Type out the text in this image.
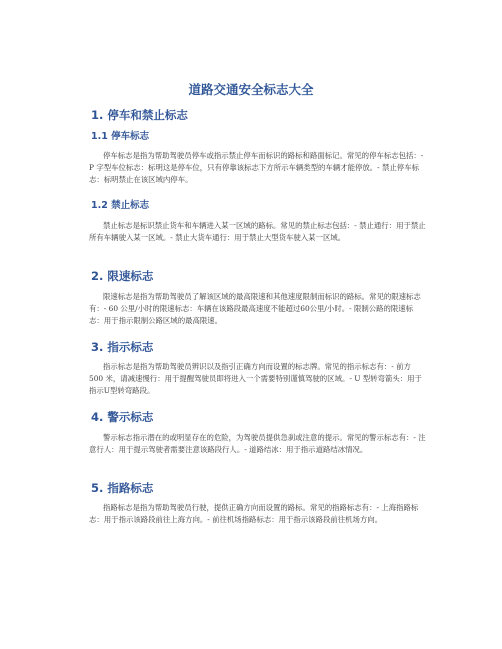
道路交通安全标志大全
1. 停车和禁止标志
1.1 停车标志

停车标志是指为帮助驾驶员停车或指示禁止停车而标识的路标和路面标记。常见的停车标志包括：- P 字型车位标志：标明这是停车位，只有停靠该标志下方所示车辆类型的车辆才能停放。- 禁止停车标志：标明禁止在该区域内停车。

1.2 禁止标志

禁止标志是标识禁止货车和车辆进入某一区域的路标。常见的禁止标志包括：- 禁止通行：用于禁止所有车辆驶入某一区域。- 禁止大货车通行：用于禁止大型货车驶入某一区域。

2. 限速标志

限速标志是指为帮助驾驶员了解该区域的最高限速和其他速度限制而标识的路标。常见的限速标志有：- 60 公里/小时的限速标志：车辆在该路段最高速度不能超过60公里/小时。- 限制公路的限速标志：用于指示限制公路区域的最高限速。

3. 指示标志

指示标志是指为帮助驾驶员辨识以及指引正确方向而设置的标志牌。常见的指示标志有：- 前方 500 米，请减速慢行：用于提醒驾驶员即将进入一个需要特别谨慎驾驶的区域。- U 型转弯箭头：用于指示U型转弯路段。

4. 警示标志

警示标志指示潜在的或明显存在的危险，为驾驶员提供急刹或注意的提示。常见的警示标志有：- 注意行人：用于提示驾驶者需要注意该路段行人。- 道路结冰：用于指示道路结冰情况。

5. 指路标志

指路标志是指为帮助驾驶员行驶，提供正确方向而设置的路标。常见的指路标志有：- 上海指路标志：用于指示该路段前往上海方向。- 前往机场指路标志：用于指示该路段前往机场方向。
